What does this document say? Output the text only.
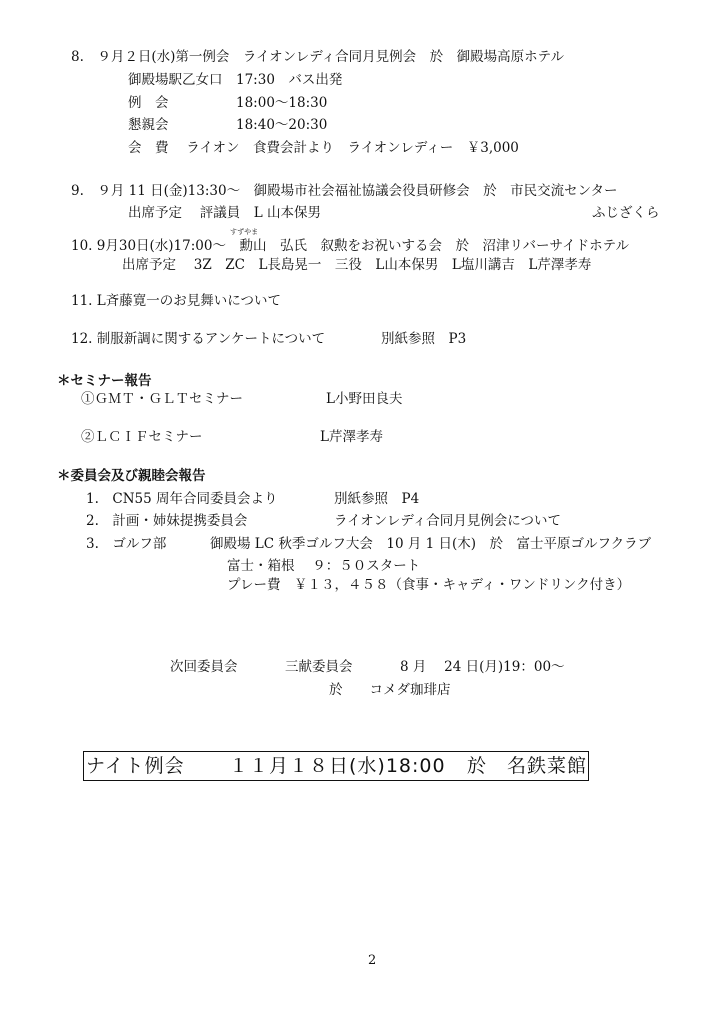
8.　９月２日(水)第一例会　ライオンレディ合同月見例会　於　御殿場高原ホテル
御殿場駅乙女口　17:30　バス出発
例　会　　　　　18:00〜18:30
懇親会　　　　　18:40〜20:30
会　費　 ライオン　食費会計より　ライオンレディー　￥3,000
9.　９月 11 日(金)13:30〜　御殿場市社会福祉協議会役員研修会　於　市民交流センター
出席予定　 評議員　L 山本保男	ふじざくら
すずやま
10. 9月30日(水)17:00〜　勳山　弘氏　叙勲をお祝いする会　於　沼津リバーサイドホテル
出席予定　 3Z　ZC　L長島晃一　三役　L山本保男　L塩川講吉　L芹澤孝寿
11. L斉藤寛一のお見舞いについて
12. 制服新調に関するアンケートについて	別紙参照　P3
＊セミナー報告
①ＧＭＴ・ＧＬＴセミナー	L小野田良夫
②ＬＣＩＦセミナー	L芹澤孝寿
＊委員会及び親睦会報告
1.　CN55 周年合同委員会より	別紙参照　P4
2.　計画・姉妹提携委員会	ライオンレディ合同月見例会について
3.　ゴルフ部	御殿場 LC 秋季ゴルフ大会　10 月 1 日(木)　於　富士平原ゴルフクラブ
富士・箱根　 ９：５０スタート
プレー費　￥１３，４５８（食事・キャディ・ワンドリンク付き）
次回委員会	三献委員会	8 月　 24 日(月)19：00〜
於　　コメダ珈琲店
ナイト例会 １１月１８日(水)18:00 於　名鉄菜館
2
